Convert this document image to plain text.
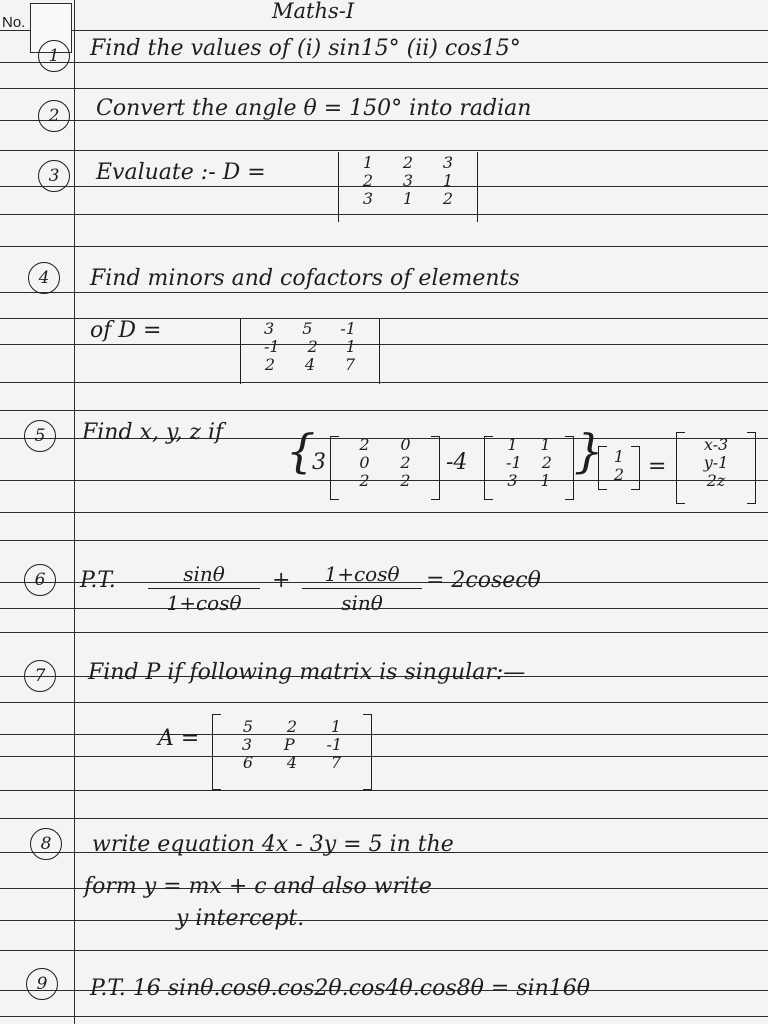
No.	Maths-I
1	Find the values of (i) sin15° (ii) cos15°
2	Convert the angle θ = 150° into radian
3	Evaluate :- D =	1 2 3
2 3 1
3 1 2
4	Find minors and cofactors of elements
of D =	3 5 -1
-1 2 1
2 4 7
5	Find x, y, z if {
3
2 0
0 2
2 2
-4
1 1
-1 2
3 1
} 1
2 =
x-3
y-1
2z
6	P.T.	sinθ
1+cosθ
+	1+cosθ
sinθ
= 2cosecθ
7	Find P if following matrix is singular:—
A =	5 2 1
3 P -1
6 4 7
8	write equation 4x - 3y = 5 in the
form y = mx + c and also write
y intercept.
9	P.T. 16 sinθ.cosθ.cos2θ.cos4θ.cos8θ = sin16θ
